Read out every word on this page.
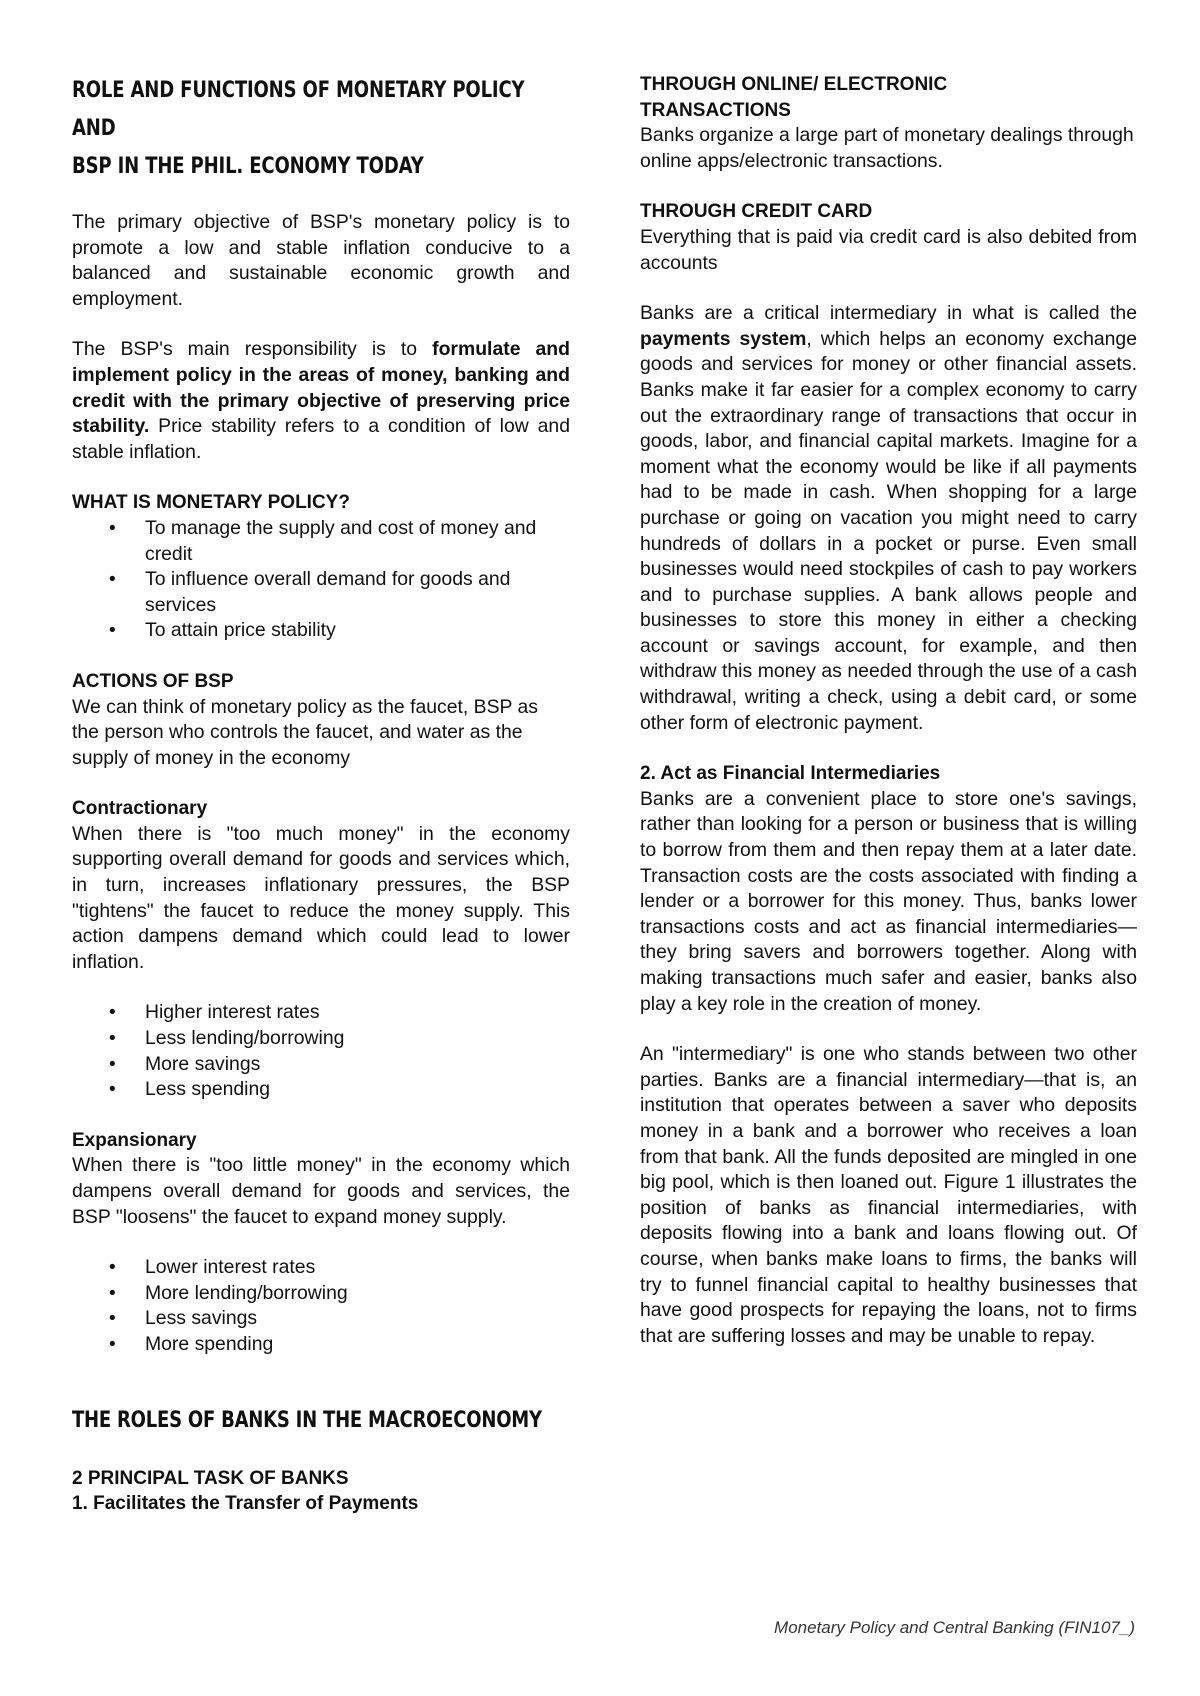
ROLE AND FUNCTIONS OF MONETARY POLICY AND
BSP IN THE PHIL. ECONOMY TODAY

The primary objective of BSP's monetary policy is to promote a low and stable inflation conducive to a balanced and sustainable economic growth and employment.

The BSP's main responsibility is to formulate and implement policy in the areas of money, banking and credit with the primary objective of preserving price stability. Price stability refers to a condition of low and stable inflation.

WHAT IS MONETARY POLICY?

• To manage the supply and cost of money and credit
• To influence overall demand for goods and services
• To attain price stability

ACTIONS OF BSP

We can think of monetary policy as the faucet, BSP as the person who controls the faucet, and water as the supply of money in the economy

Contractionary

When there is "too much money" in the economy supporting overall demand for goods and services which, in turn, increases inflationary pressures, the BSP "tightens" the faucet to reduce the money supply. This action dampens demand which could lead to lower inflation.

• Higher interest rates
• Less lending/borrowing
• More savings
• Less spending

Expansionary

When there is "too little money" in the economy which dampens overall demand for goods and services, the BSP "loosens" the faucet to expand money supply.

• Lower interest rates
• More lending/borrowing
• Less savings
• More spending

THE ROLES OF BANKS IN THE MACROECONOMY

2 PRINCIPAL TASK OF BANKS

1. Facilitates the Transfer of Payments

THROUGH ONLINE/ ELECTRONIC
TRANSACTIONS

Banks organize a large part of monetary dealings through online apps/electronic transactions.

THROUGH CREDIT CARD

Everything that is paid via credit card is also debited from accounts

Banks are a critical intermediary in what is called the payments system, which helps an economy exchange goods and services for money or other financial assets. Banks make it far easier for a complex economy to carry out the extraordinary range of transactions that occur in goods, labor, and financial capital markets. Imagine for a moment what the economy would be like if all payments had to be made in cash. When shopping for a large purchase or going on vacation you might need to carry hundreds of dollars in a pocket or purse. Even small businesses would need stockpiles of cash to pay workers and to purchase supplies. A bank allows people and businesses to store this money in either a checking account or savings account, for example, and then withdraw this money as needed through the use of a cash withdrawal, writing a check, using a debit card, or some other form of electronic payment.

2. Act as Financial Intermediaries

Banks are a convenient place to store one's savings, rather than looking for a person or business that is willing to borrow from them and then repay them at a later date. Transaction costs are the costs associated with finding a lender or a borrower for this money. Thus, banks lower transactions costs and act as financial intermediaries—they bring savers and borrowers together. Along with making transactions much safer and easier, banks also play a key role in the creation of money.

An "intermediary" is one who stands between two other parties. Banks are a financial intermediary—that is, an institution that operates between a saver who deposits money in a bank and a borrower who receives a loan from that bank. All the funds deposited are mingled in one big pool, which is then loaned out. Figure 1 illustrates the position of banks as financial intermediaries, with deposits flowing into a bank and loans flowing out. Of course, when banks make loans to firms, the banks will try to funnel financial capital to healthy businesses that have good prospects for repaying the loans, not to firms that are suffering losses and may be unable to repay.

Monetary Policy and Central Banking (FIN107_)
